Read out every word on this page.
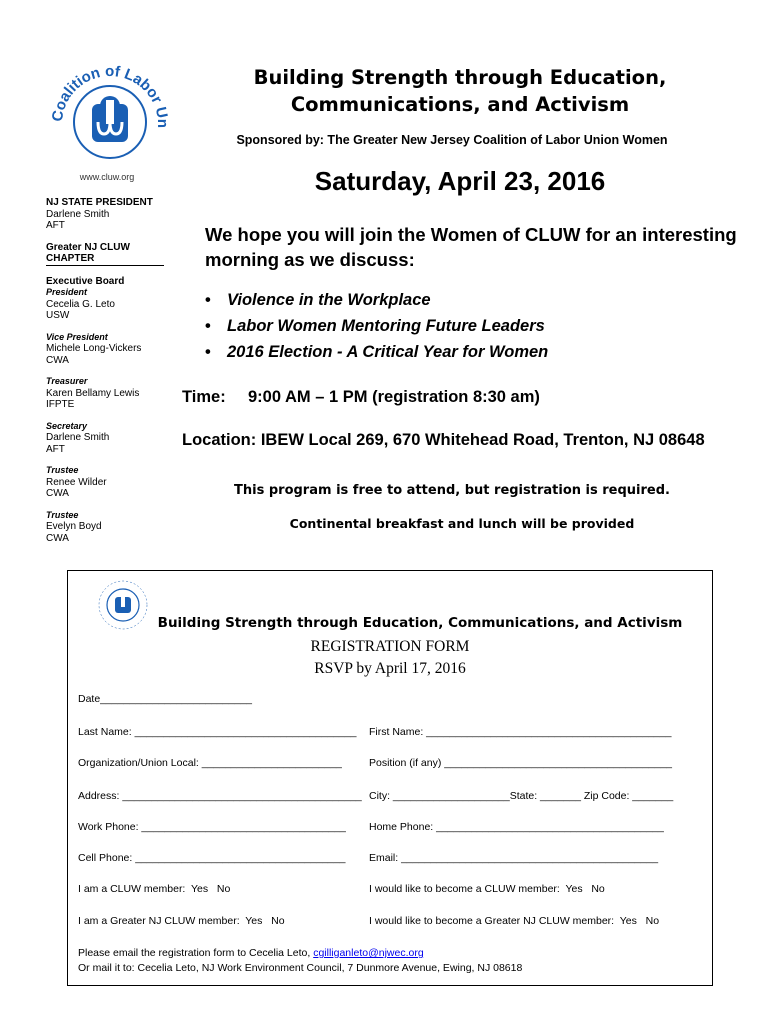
Coalition of Labor Un
www.cluw.org
NJ STATE PRESIDENT
Darlene Smith
AFT
Greater NJ CLUW CHAPTER
Executive Board
President
Cecelia G. Leto
USW
Vice President
Michele Long-Vickers
CWA
Treasurer
Karen Bellamy Lewis
IFPTE
Secretary
Darlene Smith
AFT
Trustee
Renee Wilder
CWA
Trustee
Evelyn Boyd
CWA
Building Strength through Education,
Communications, and Activism
Sponsored by: The Greater New Jersey Coalition of Labor Union Women
Saturday, April 23, 2016
We hope you will join the Women of CLUW for an interesting morning as we discuss:
• Violence in the Workplace
• Labor Women Mentoring Future Leaders
• 2016 Election - A Critical Year for Women
Time: 9:00 AM – 1 PM (registration 8:30 am)
Location: IBEW Local 269, 670 Whitehead Road, Trenton, NJ 08648
This program is free to attend, but registration is required.
Continental breakfast and lunch will be provided
Building Strength through Education, Communications, and Activism
REGISTRATION FORM
RSVP by April 17, 2016
Date__________________________
Last Name: ______________________________________ First Name: __________________________________________
Organization/Union Local: ________________________	Position (if any) _______________________________________
Address: _________________________________________ City: ____________________State: _______ Zip Code: _______
Work Phone: ___________________________________ Home Phone: _______________________________________
Cell Phone: ____________________________________ Email: ____________________________________________
I am a CLUW member:  Yes   No	I would like to become a CLUW member:  Yes   No
I am a Greater NJ CLUW member:  Yes   No	I would like to become a Greater NJ CLUW member:  Yes   No
Please email the registration form to Cecelia Leto, cgilliganleto@njwec.org
Or mail it to: Cecelia Leto, NJ Work Environment Council, 7 Dunmore Avenue, Ewing, NJ 08618
